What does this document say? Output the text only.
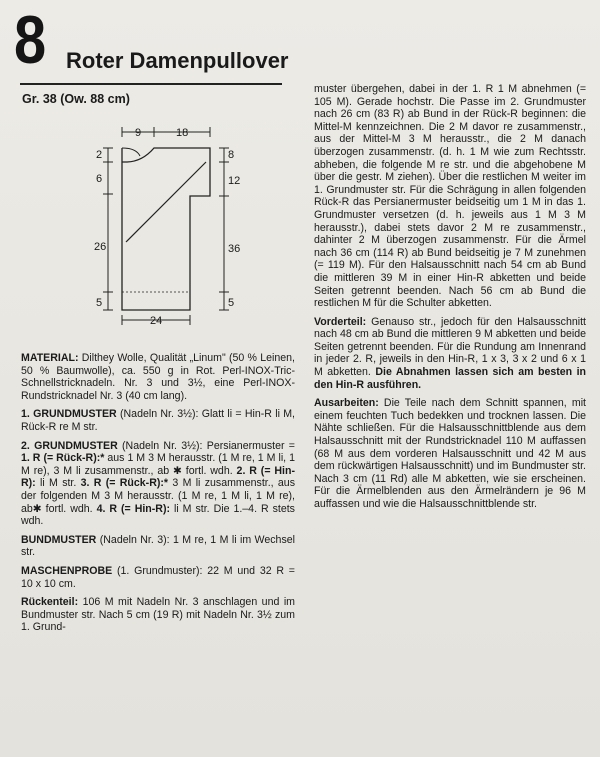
8 Roter Damenpullover
Gr. 38 (Ow. 88 cm)
9	18
2
6
26
5
8
12
36
5
24

MATERIAL: Dilthey Wolle, Qualität „Linum" (50 % Leinen, 50 % Baumwolle), ca. 550 g in Rot. Perl-INOX-Tric-Schnellstricknadeln. Nr. 3 und 3½, eine Perl-INOX-Rundstricknadel Nr. 3 (40 cm lang).

1. GRUNDMUSTER (Nadeln Nr. 3½): Glatt li = Hin-R li M, Rück-R re M str.

2. GRUNDMUSTER (Nadeln Nr. 3½): Persianermuster = 1. R (= Rück-R):* aus 1 M 3 M herausstr. (1 M re, 1 M li, 1 M re), 3 M li zusammenstr., ab ✱ fortl. wdh. 2. R (= Hin-R): li M str. 3. R (= Rück-R):* 3 M li zusammenstr., aus der folgenden M 3 M herausstr. (1 M re, 1 M li, 1 M re), ab✱ fortl. wdh. 4. R (= Hin-R): li M str. Die 1.–4. R stets wdh.

BUNDMUSTER (Nadeln Nr. 3): 1 M re, 1 M li im Wechsel str.

MASCHENPROBE (1. Grundmuster): 22 M und 32 R = 10 x 10 cm.

Rückenteil: 106 M mit Nadeln Nr. 3 anschlagen und im Bundmuster str. Nach 5 cm (19 R) mit Nadeln Nr. 3½ zum 1. Grund-

muster übergehen, dabei in der 1. R 1 M abnehmen (= 105 M). Gerade hochstr. Die Passe im 2. Grundmuster nach 26 cm (83 R) ab Bund in der Rück-R beginnen: die Mittel-M kennzeichnen. Die 2 M davor re zusammenstr., aus der Mittel-M 3 M herausstr., die 2 M danach überzogen zusammenstr. (d. h. 1 M wie zum Rechtsstr. abheben, die folgende M re str. und die abgehobene M über die gestr. M ziehen). Über die restlichen M weiter im 1. Grundmuster str. Für die Schrägung in allen folgenden Rück-R das Persianermuster beidseitig um 1 M in das 1. Grundmuster versetzen (d. h. jeweils aus 1 M 3 M herausstr.), dabei stets davor 2 M re zusammenstr., dahinter 2 M überzogen zusammenstr. Für die Ärmel nach 36 cm (114 R) ab Bund beidseitig je 7 M zunehmen (= 119 M). Für den Halsausschnitt nach 54 cm ab Bund die mittleren 39 M in einer Hin-R abketten und beide Seiten getrennt beenden. Nach 56 cm ab Bund die restlichen M für die Schulter abketten.

Vorderteil: Genauso str., jedoch für den Halsausschnitt nach 48 cm ab Bund die mittleren 9 M abketten und beide Seiten getrennt beenden. Für die Rundung am Innenrand in jeder 2. R, jeweils in den Hin-R, 1 x 3, 3 x 2 und 6 x 1 M abketten. Die Abnahmen lassen sich am besten in den Hin-R ausführen.

Ausarbeiten: Die Teile nach dem Schnitt spannen, mit einem feuchten Tuch bedekken und trocknen lassen. Die Nähte schließen. Für die Halsausschnittblende aus dem Halsausschnitt mit der Rundstricknadel 110 M auffassen (68 M aus dem vorderen Halsausschnitt und 42 M aus dem rückwärtigen Halsausschnitt) und im Bundmuster str. Nach 3 cm (11 Rd) alle M abketten, wie sie erscheinen. Für die Ärmelblenden aus den Ärmelrändern je 96 M auffassen und wie die Halsausschnittblende str.
